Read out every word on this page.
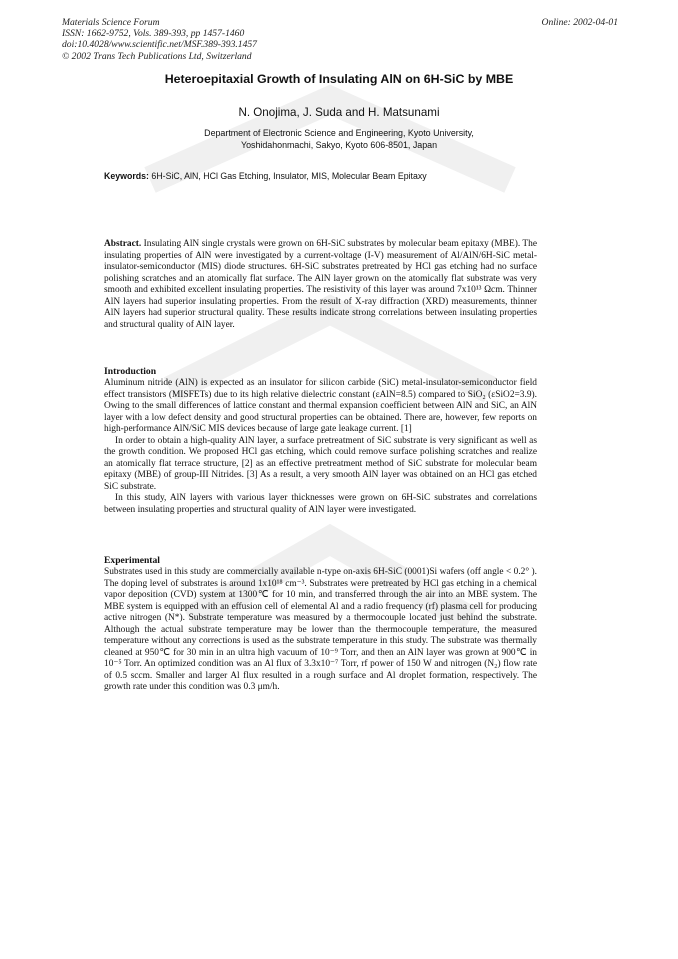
Materials Science Forum
ISSN: 1662-9752, Vols. 389-393, pp 1457-1460
doi:10.4028/www.scientific.net/MSF.389-393.1457
© 2002 Trans Tech Publications Ltd, Switzerland
Online: 2002-04-01
Heteroepitaxial Growth of Insulating AlN on 6H-SiC by MBE
N. Onojima, J. Suda and H. Matsunami
Department of Electronic Science and Engineering, Kyoto University,
Yoshidahonmachi, Sakyo, Kyoto 606-8501, Japan
Keywords: 6H-SiC, AlN, HCl Gas Etching, Insulator, MIS, Molecular Beam Epitaxy

Abstract. Insulating AlN single crystals were grown on 6H-SiC substrates by molecular beam epitaxy (MBE). The insulating properties of AlN were investigated by a current-voltage (I-V) measurement of Al/AlN/6H-SiC metal-insulator-semiconductor (MIS) diode structures. 6H-SiC substrates pretreated by HCl gas etching had no surface polishing scratches and an atomically flat surface. The AlN layer grown on the atomically flat substrate was very smooth and exhibited excellent insulating properties. The resistivity of this layer was around 7x10¹³ Ωcm. Thinner AlN layers had superior insulating properties. From the result of X-ray diffraction (XRD) measurements, thinner AlN layers had superior structural quality. These results indicate strong correlations between insulating properties and structural quality of AlN layer.

Introduction

Aluminum nitride (AlN) is expected as an insulator for silicon carbide (SiC) metal-insulator-semiconductor field effect transistors (MISFETs) due to its high relative dielectric constant (εAlN=8.5) compared to SiO₂ (εSiO2=3.9). Owing to the small differences of lattice constant and thermal expansion coefficient between AlN and SiC, an AlN layer with a low defect density and good structural properties can be obtained. There are, however, few reports on high-performance AlN/SiC MIS devices because of large gate leakage current. [1]

In order to obtain a high-quality AlN layer, a surface pretreatment of SiC substrate is very significant as well as the growth condition. We proposed HCl gas etching, which could remove surface polishing scratches and realize an atomically flat terrace structure, [2] as an effective pretreatment method of SiC substrate for molecular beam epitaxy (MBE) of group-III Nitrides. [3] As a result, a very smooth AlN layer was obtained on an HCl gas etched SiC substrate.

In this study, AlN layers with various layer thicknesses were grown on 6H-SiC substrates and correlations between insulating properties and structural quality of AlN layer were investigated.

Experimental

Substrates used in this study are commercially available n-type on-axis 6H-SiC (0001)Si wafers (off angle < 0.2° ). The doping level of substrates is around 1x10¹⁸ cm⁻³. Substrates were pretreated by HCl gas etching in a chemical vapor deposition (CVD) system at 1300℃ for 10 min, and transferred through the air into an MBE system. The MBE system is equipped with an effusion cell of elemental Al and a radio frequency (rf) plasma cell for producing active nitrogen (N*). Substrate temperature was measured by a thermocouple located just behind the substrate. Although the actual substrate temperature may be lower than the thermocouple temperature, the measured temperature without any corrections is used as the substrate temperature in this study. The substrate was thermally cleaned at 950℃ for 30 min in an ultra high vacuum of 10⁻⁹ Torr, and then an AlN layer was grown at 900℃ in 10⁻⁵ Torr. An optimized condition was an Al flux of 3.3x10⁻⁷ Torr, rf power of 150 W and nitrogen (N₂) flow rate of 0.5 sccm. Smaller and larger Al flux resulted in a rough surface and Al droplet formation, respectively. The growth rate under this condition was 0.3 μm/h.
